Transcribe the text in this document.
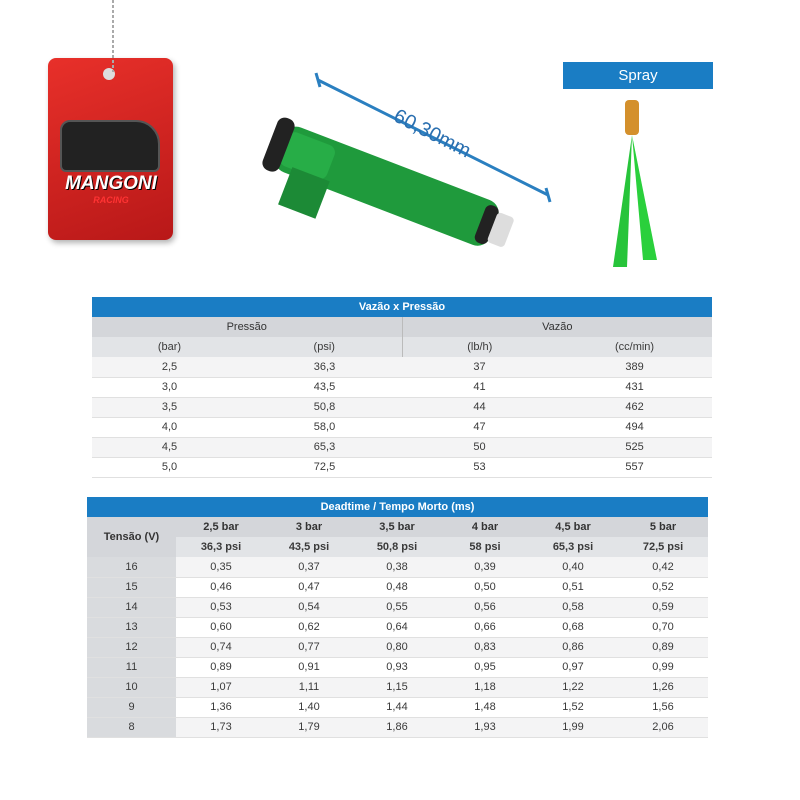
MANGONI
RACING
60,30mm
Spray
Vazão x Pressão			
Pressão		Vazão	
(bar)	(psi)	(lb/h)	(cc/min)
2,5	36,3	37	389
3,0	43,5	41	431
3,5	50,8	44	462
4,0	58,0	47	494
4,5	65,3	50	525
5,0	72,5	53	557
Deadtime / Tempo Morto (ms)						
Tensão (V)	2,5 bar	3 bar	3,5 bar	4 bar	4,5 bar	5 bar
	36,3 psi	43,5 psi	50,8 psi	58 psi	65,3 psi	72,5 psi
16	0,35	0,37	0,38	0,39	0,40	0,42
15	0,46	0,47	0,48	0,50	0,51	0,52
14	0,53	0,54	0,55	0,56	0,58	0,59
13	0,60	0,62	0,64	0,66	0,68	0,70
12	0,74	0,77	0,80	0,83	0,86	0,89
11	0,89	0,91	0,93	0,95	0,97	0,99
10	1,07	1,11	1,15	1,18	1,22	1,26
9	1,36	1,40	1,44	1,48	1,52	1,56
8	1,73	1,79	1,86	1,93	1,99	2,06
